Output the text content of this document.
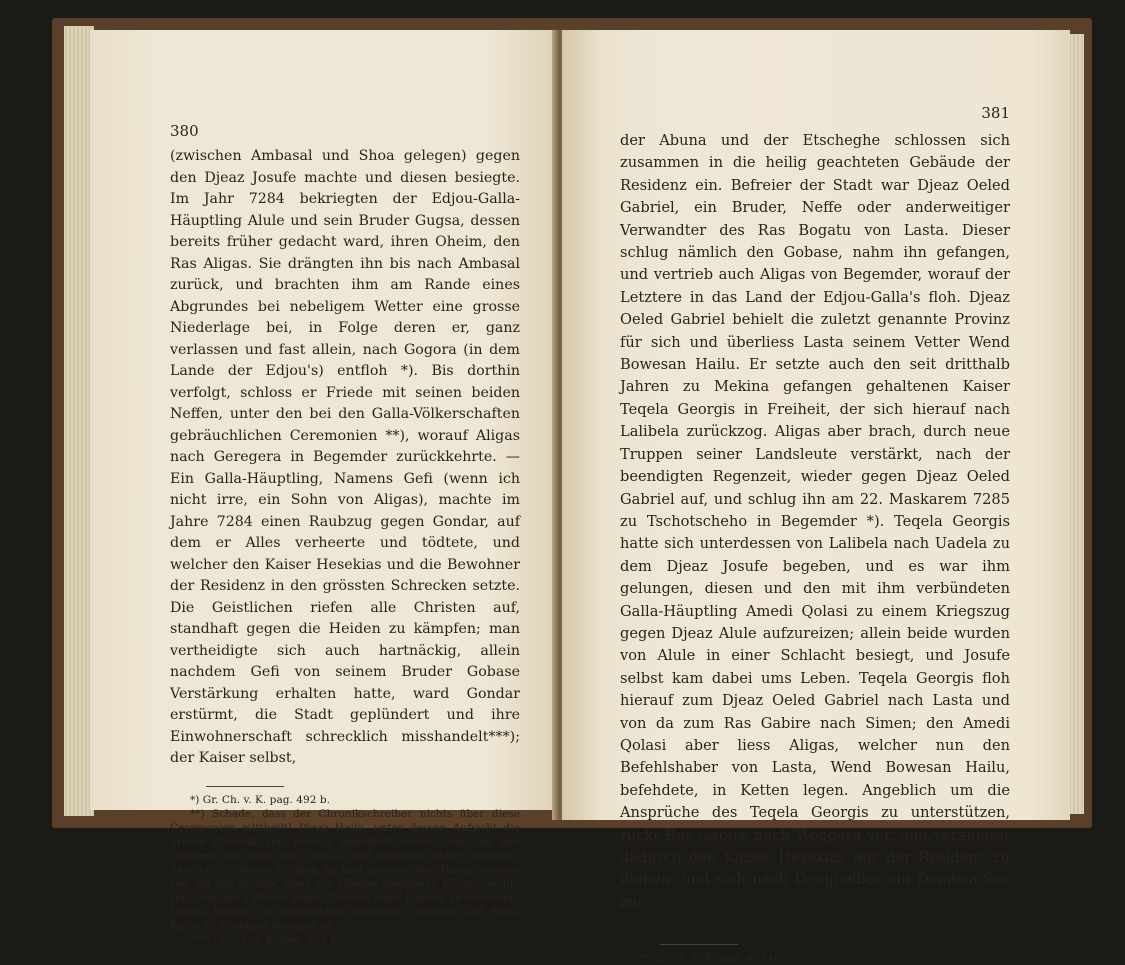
380

(zwischen Ambasal und Shoa gelegen) gegen den Djeaz Josufe machte und diesen besiegte. Im Jahr 7284 bekriegten der Edjou-Galla-Häuptling Alule und sein Bruder Gugsa, dessen bereits früher gedacht ward, ihren Oheim, den Ras Aligas. Sie drängten ihn bis nach Ambasal zurück, und brachten ihm am Rande eines Abgrundes bei nebeligem Wetter eine grosse Niederlage bei, in Folge deren er, ganz verlassen und fast allein, nach Gogora (in dem Lande der Edjou's) entfloh *). Bis dorthin verfolgt, schloss er Friede mit seinen beiden Neffen, unter den bei den Galla-Völkerschaften gebräuchlichen Ceremonien **), worauf Aligas nach Geregera in Begemder zurückkehrte. — Ein Galla-Häuptling, Namens Gefi (wenn ich nicht irre, ein Sohn von Aligas), machte im Jahre 7284 einen Raubzug gegen Gondar, auf dem er Alles verheerte und tödtete, und welcher den Kaiser Hesekias und die Bewohner der Residenz in den grössten Schrecken setzte. Die Geistlichen riefen alle Christen auf, standhaft gegen die Heiden zu kämpfen; man vertheidigte sich auch hartnäckig, allein nachdem Gefi von seinem Bruder Gobase Verstärkung erhalten hatte, ward Gondar erstürmt, die Stadt geplündert und ihre Einwohnerschaft schrecklich misshandelt***); der Kaiser selbst,

*) Gr. Ch. v. K. pag. 492 b.

**) Schade, dass der Chronikschreiber nichts über diese Ceremonien mittheilt! Djeaz Hailu, unter dessen Aufsicht die grosse Chronik von Kiratza abgefasst wurde, war bei den Truppen des Alule und Gugsa, und berichtet unter Anderem, dass er in diesem Feldzug an den grossen See Hajig gezogen sey, um das dortige, ganz von Heiden umgebene Kloster, wohin seit Grangné's Zeiten keine Christen mehr kamen, zu besuchen. Dieses Kloster ist vermuthlich dasjenige, welches auf Salt's Karte St. Stefanus benannt ist.

***) Gr. Ch. v. K. pag. 493 b.

381

der Abuna und der Etscheghe schlossen sich zusammen in die heilig geachteten Gebäude der Residenz ein. Befreier der Stadt war Djeaz Oeled Gabriel, ein Bruder, Neffe oder anderweitiger Verwandter des Ras Bogatu von Lasta. Dieser schlug nämlich den Gobase, nahm ihn gefangen, und vertrieb auch Aligas von Begemder, worauf der Letztere in das Land der Edjou-Galla's floh. Djeaz Oeled Gabriel behielt die zuletzt genannte Provinz für sich und überliess Lasta seinem Vetter Wend Bowesan Hailu. Er setzte auch den seit dritthalb Jahren zu Mekina gefangen gehaltenen Kaiser Teqela Georgis in Freiheit, der sich hierauf nach Lalibela zurückzog. Aligas aber brach, durch neue Truppen seiner Landsleute verstärkt, nach der beendigten Regenzeit, wieder gegen Djeaz Oeled Gabriel auf, und schlug ihn am 22. Maskarem 7285 zu Tschotscheho in Begemder *). Teqela Georgis hatte sich unterdessen von Lalibela nach Uadela zu dem Djeaz Josufe begeben, und es war ihm gelungen, diesen und den mit ihm verbündeten Galla-Häuptling Amedi Qolasi zu einem Kriegszug gegen Djeaz Alule aufzureizen; allein beide wurden von Alule in einer Schlacht besiegt, und Josufe selbst kam dabei ums Leben. Teqela Georgis floh hierauf zum Djeaz Oeled Gabriel nach Lasta und von da zum Ras Gabire nach Simen; den Amedi Qolasi aber liess Aligas, welcher nun den Befehlshaber von Lasta, Wend Bowesan Hailu, befehdete, in Ketten legen. Angeblich um die Ansprüche des Teqela Georgis zu unterstützen, rückt Ras Gabire nach Woggera vor, und veranlasst dadurch den Kaiser Hesekias aus der Residenz zu fliehen, und sich nach Denghelber am Dembea-See zu-

*) Gr. Ch. v. K. pag. 495 b.
